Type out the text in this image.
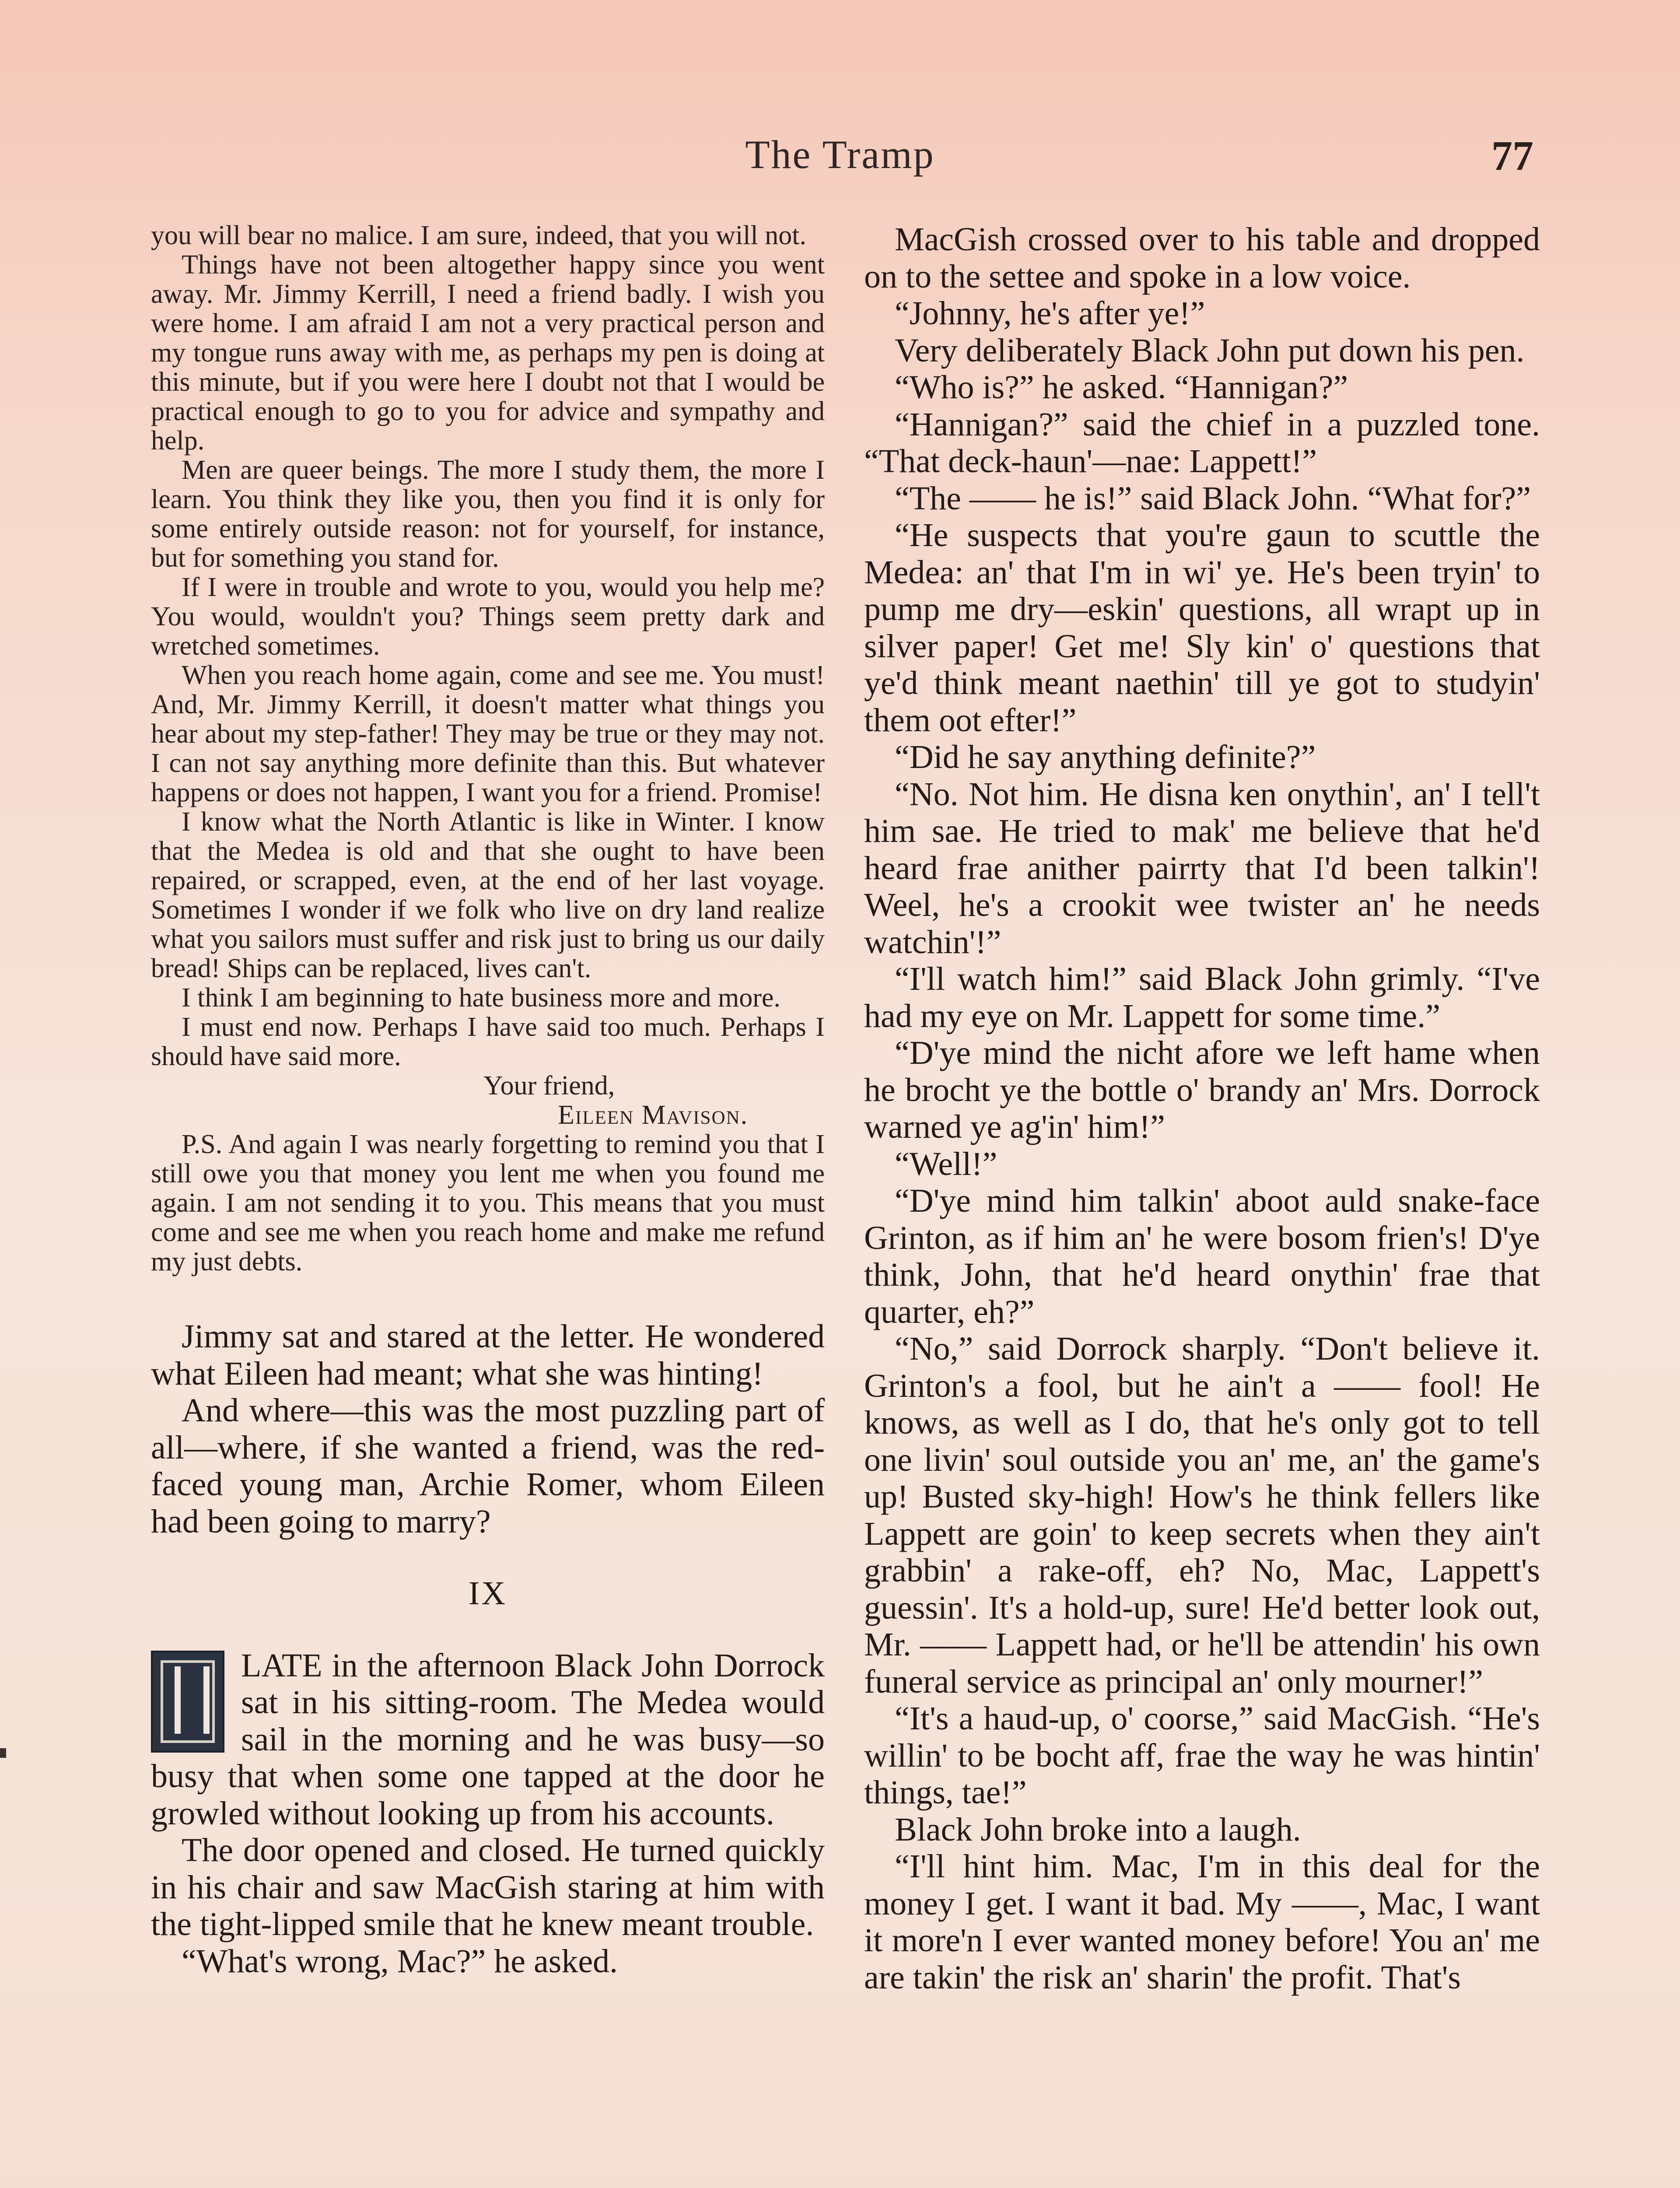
The Tramp	77

you will bear no malice. I am sure, indeed, that you will not.

Things have not been altogether happy since you went away. Mr. Jimmy Kerrill, I need a friend badly. I wish you were home. I am afraid I am not a very practical person and my tongue runs away with me, as perhaps my pen is doing at this minute, but if you were here I doubt not that I would be practical enough to go to you for advice and sympathy and help.

Men are queer beings. The more I study them, the more I learn. You think they like you, then you find it is only for some entirely outside reason: not for yourself, for instance, but for something you stand for.

If I were in trouble and wrote to you, would you help me? You would, wouldn't you? Things seem pretty dark and wretched sometimes.

When you reach home again, come and see me. You must! And, Mr. Jimmy Kerrill, it doesn't matter what things you hear about my step-father! They may be true or they may not. I can not say anything more definite than this. But whatever happens or does not happen, I want you for a friend. Promise!

I know what the North Atlantic is like in Winter. I know that the Medea is old and that she ought to have been repaired, or scrapped, even, at the end of her last voyage. Sometimes I wonder if we folk who live on dry land realize what you sailors must suffer and risk just to bring us our daily bread! Ships can be replaced, lives can't.

I think I am beginning to hate business more and more.

I must end now. Perhaps I have said too much. Perhaps I should have said more.

Your friend,

Eileen Mavison.

P.S. And again I was nearly forgetting to remind you that I still owe you that money you lent me when you found me again. I am not sending it to you. This means that you must come and see me when you reach home and make me refund my just debts.

Jimmy sat and stared at the letter. He wondered what Eileen had meant; what she was hinting!

And where—this was the most puzzling part of all—where, if she wanted a friend, was the red-faced young man, Archie Romer, whom Eileen had been going to marry?

IX

LATE in the afternoon Black John Dorrock sat in his sitting-room. The Medea would sail in the morning and he was busy—so busy that when some one tapped at the door he growled without looking up from his accounts.

The door opened and closed. He turned quickly in his chair and saw MacGish staring at him with the tight-lipped smile that he knew meant trouble.

“What's wrong, Mac?” he asked.

MacGish crossed over to his table and dropped on to the settee and spoke in a low voice.

“Johnny, he's after ye!”

Very deliberately Black John put down his pen.

“Who is?” he asked. “Hannigan?”

“Hannigan?” said the chief in a puzzled tone. “That deck-haun'—nae: Lappett!”

“The —— he is!” said Black John. “What for?”

“He suspects that you're gaun to scuttle the Medea: an' that I'm in wi' ye. He's been tryin' to pump me dry—eskin' questions, all wrapt up in silver paper! Get me! Sly kin' o' questions that ye'd think meant naethin' till ye got to studyin' them oot efter!”

“Did he say anything definite?”

“No. Not him. He disna ken onythin', an' I tell't him sae. He tried to mak' me believe that he'd heard frae anither pairrty that I'd been talkin'! Weel, he's a crookit wee twister an' he needs watchin'!”

“I'll watch him!” said Black John grimly. “I've had my eye on Mr. Lappett for some time.”

“D'ye mind the nicht afore we left hame when he brocht ye the bottle o' brandy an' Mrs. Dorrock warned ye ag'in' him!”

“Well!”

“D'ye mind him talkin' aboot auld snake-face Grinton, as if him an' he were bosom frien's! D'ye think, John, that he'd heard onythin' frae that quarter, eh?”

“No,” said Dorrock sharply. “Don't believe it. Grinton's a fool, but he ain't a —— fool! He knows, as well as I do, that he's only got to tell one livin' soul outside you an' me, an' the game's up! Busted sky-high! How's he think fellers like Lappett are goin' to keep secrets when they ain't grabbin' a rake-off, eh? No, Mac, Lappett's guessin'. It's a hold-up, sure! He'd better look out, Mr. —— Lappett had, or he'll be attendin' his own funeral service as principal an' only mourner!”

“It's a haud-up, o' coorse,” said MacGish. “He's willin' to be bocht aff, frae the way he was hintin' things, tae!”

Black John broke into a laugh.

“I'll hint him. Mac, I'm in this deal for the money I get. I want it bad. My ——, Mac, I want it more'n I ever wanted money before! You an' me are takin' the risk an' sharin' the profit. That's
